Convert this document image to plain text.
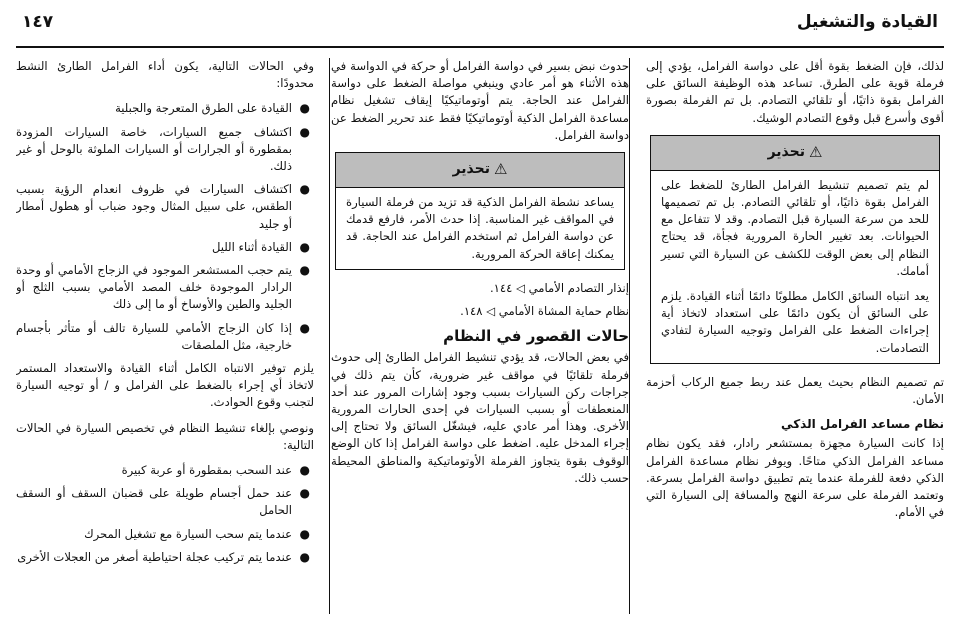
القيادة والتشغيل
١٤٧

لذلك، فإن الضغط بقوة أقل على دواسة الفرامل، يؤدي إلى فرملة قوية على الطرق. تساعد هذه الوظيفة السائق على الفرامل بقوة ذاتيًا، أو تلقائي التصادم. بل تم الفرملة بصورة أقوى وأسرع قبل وقوع التصادم الوشيك.

⚠
تحذير

لم يتم تصميم تنشيط الفرامل الطارئ للضغط على الفرامل بقوة ذاتيًا، أو تلقائي التصادم. بل تم تصميمها للحد من سرعة السيارة قبل التصادم. وقد لا تتفاعل مع الحيوانات. بعد تغيير الحارة المرورية فجأة، قد يحتاج النظام إلى بعض الوقت للكشف عن السيارة التي تسير أمامك.

يعد انتباه السائق الكامل مطلوبًا دائمًا أثناء القيادة. يلزم على السائق أن يكون دائمًا على استعداد لاتخاذ أية إجراءات الضغط على الفرامل وتوجيه السيارة لتفادي التصادمات.

تم تصميم النظام بحيث يعمل عند ربط جميع الركاب أحزمة الأمان.

نظام مساعد الفرامل الذكي

إذا كانت السيارة مجهزة بمستشعر رادار، فقد يكون نظام مساعد الفرامل الذكي متاحًا. ويوفر نظام مساعدة الفرامل الذكي دفعة للفرملة عندما يتم تطبيق دواسة الفرامل بسرعة. وتعتمد الفرملة على سرعة النهج والمسافة إلى السيارة التي في الأمام.

حدوث نبض بسير في دواسة الفرامل أو حركة في الدواسة في هذه الأثناء هو أمر عادي وينبغي مواصلة الضغط على دواسة الفرامل عند الحاجة. يتم أوتوماتيكيًا إيقاف تشغيل نظام مساعدة الفرامل الذكية أوتوماتيكيًا فقط عند تحرير الضغط عن دواسة الفرامل.

⚠
تحذير

يساعد نشطة الفرامل الذكية قد تزيد من فرملة السيارة في المواقف غير المناسبة. إذا حدث الأمر، فارفع قدمك عن دواسة الفرامل ثم استخدم الفرامل عند الحاجة. قد يمكنك إعاقة الحركة المرورية.

إنذار التصادم الأمامي ◁ ١٤٤.

نظام حماية المشاة الأمامي ◁ ١٤٨.

حالات القصور في النظام

في بعض الحالات، قد يؤدي تنشيط الفرامل الطارئ إلى حدوث فرملة تلقائيًا في مواقف غير ضرورية، كأن يتم ذلك في جراجات ركن السيارات بسبب وجود إشارات المرور عند أحد المنعطفات أو بسبب السيارات في إحدى الحارات المرورية الأخرى. وهذا أمر عادي عليه، فيشغّل السائق ولا تحتاج إلى إجراء المدخل عليه. اضغط على دواسة الفرامل إذا كان الوضع الوقوف بقوة يتجاوز الفرملة الأوتوماتيكية والمناطق المحيطة حسب ذلك.

وفي الحالات التالية، يكون أداء الفرامل الطارئ النشط محدودًا:

●
القيادة على الطرق المتعرجة والجبلية
●
اكتشاف جميع السيارات، خاصة السيارات المزودة بمقطورة أو الجرارات أو السيارات الملوثة بالوحل أو غير ذلك.
●
اكتشاف السيارات في ظروف انعدام الرؤية بسبب الطقس، على سبيل المثال وجود ضباب أو هطول أمطار أو جليد
●
القيادة أثناء الليل
●
يتم حجب المستشعر الموجود في الزجاج الأمامي أو وحدة الرادار الموجودة خلف المصد الأمامي بسبب الثلج أو الجليد والطين والأوساخ أو ما إلى ذلك
●
إذا كان الزجاج الأمامي للسيارة تالف أو متأثر بأجسام خارجية، مثل الملصقات

يلزم توفير الانتباه الكامل أثناء القيادة والاستعداد المستمر لاتخاذ أي إجراء بالضغط على الفرامل و / أو توجيه السيارة لتجنب وقوع الحوادث.

ونوصي بإلغاء تنشيط النظام في تخصيص السيارة في الحالات التالية:

●
عند السحب بمقطورة أو عربة كبيرة
●
عند حمل أجسام طويلة على قضبان السقف أو السقف الحامل
●
عندما يتم سحب السيارة مع تشغيل المحرك
●
عندما يتم تركيب عجلة احتياطية أصغر من العجلات الأخرى
